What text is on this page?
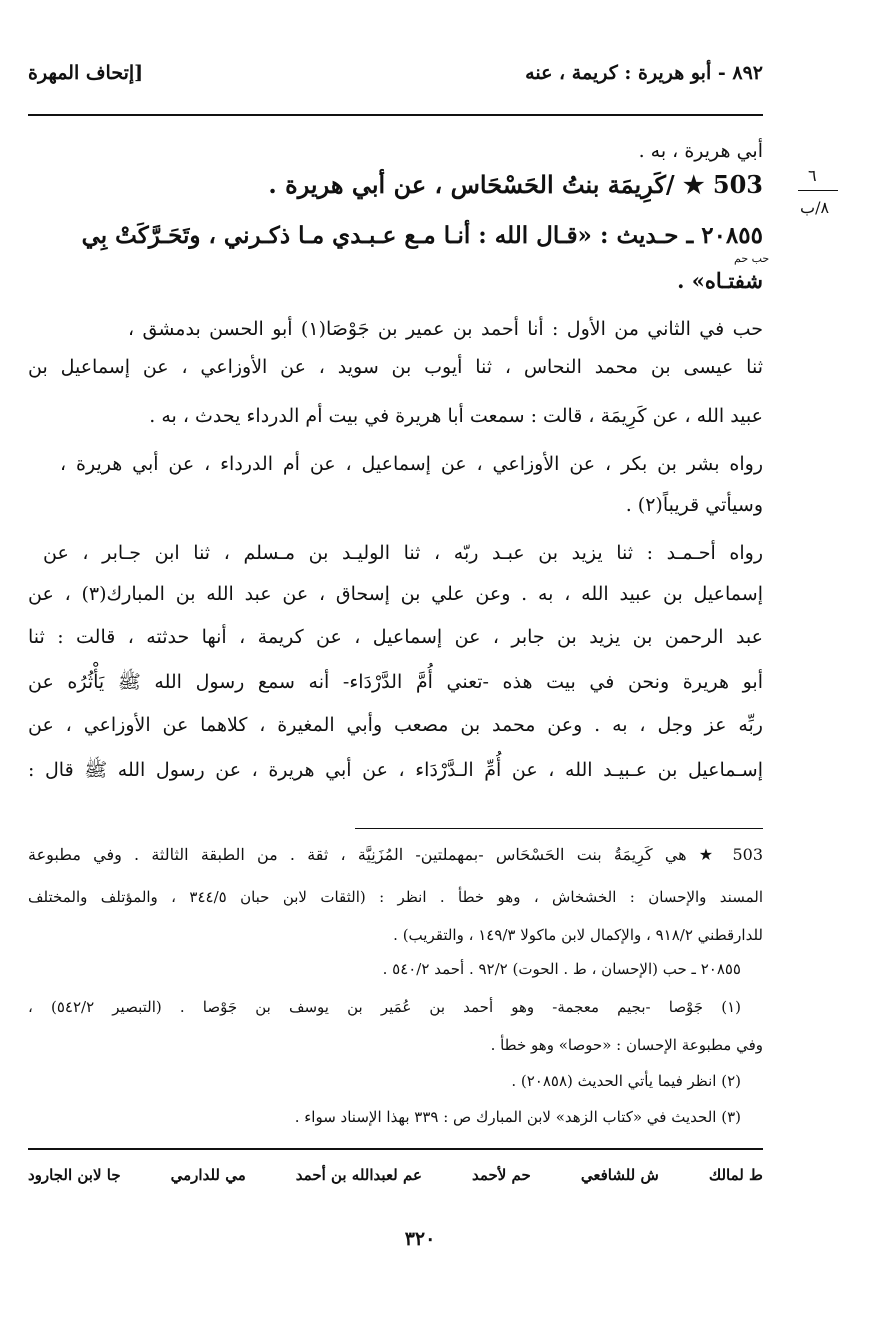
٨٩٢ - أبو هريرة : كريمة ، عنه
[إتحاف المهرة
٦
٨/ب
أبي هريرة ، به .
503 ★ /كَرِيمَة بنتُ الحَسْحَاس ، عن أبي هريرة .
٢٠٨٥٥ ـ حـديث : «قـال الله : أنـا مـع عـبـدي مـا ذكـرني ، وتَحَـرَّكَتْ بِي
حب حم
شفتـاه» .
حب في الثاني من الأول : أنا أحمد بن عمير بن جَوْصَا(١) أبو الحسن بدمشق ،
ثنا عيسى بن محمد النحاس ، ثنا أيوب بن سويد ، عن الأوزاعي ، عن إسماعيل بن
عبيد الله ، عن كَرِيمَة ، قالت : سمعت أبا هريرة في بيت أم الدرداء يحدث ، به .
رواه بشر بن بكر ، عن الأوزاعي ، عن إسماعيل ، عن أم الدرداء ، عن أبي هريرة ،
وسيأتي قريباً(٢) .
رواه أحـمـد : ثنا يزيد بن عبـد ربّه ، ثنا الوليـد بن مـسلم ، ثنا ابن جـابر ، عن
إسماعيل بن عبيد الله ، به . وعن علي بن إسحاق ، عن عبد الله بن المبارك(٣) ، عن
عبد الرحمن بن يزيد بن جابر ، عن إسماعيل ، عن كريمة ، أنها حدثته ، قالت : ثنا
أبو هريرة ونحن في بيت هذه -تعني أُمَّ الدَّرْدَاء- أنه سمع رسول الله ﷺ يَأْثُرُه عن
ربِّه عز وجل ، به . وعن محمد بن مصعب وأبي المغيرة ، كلاهما عن الأوزاعي ، عن
إسـماعيل بن عـبيـد الله ، عن أُمِّ الـدَّرْدَاء ، عن أبي هريرة ، عن رسول الله ﷺ قال :
503 ★ هي كَرِيمَةُ بنت الحَسْحَاس -بمهملتين- المُزَنِيَّة ، ثقة . من الطبقة الثالثة . وفي مطبوعة
المسند والإحسان : الخشخاش ، وهو خطأ . انظر : (الثقات لابن حبان ٣٤٤/٥ ، والمؤتلف والمختلف
للدارقطني ٩١٨/٢ ، والإكمال لابن ماكولا ١٤٩/٣ ، والتقريب) .
٢٠٨٥٥ ـ حب (الإحسان ، ط . الحوت) ٩٢/٢ . أحمد ٥٤٠/٢ .
(١) جَوْصا -بجيم معجمة- وهو أحمد بن عُمَير بن يوسف بن جَوْصا . (التبصير ٥٤٢/٢) ،
وفي مطبوعة الإحسان : «حوصا» وهو خطأ .
(٢) انظر فيما يأتي الحديث (٢٠٨٥٨) .
(٣) الحديث في «كتاب الزهد» لابن المبارك ص : ٣٣٩ بهذا الإسناد سواء .
ط لمالك
ش للشافعي
حم لأحمد
عم لعبدالله بن أحمد
مي للدارمي
جا لابن الجارود
٣٢٠
